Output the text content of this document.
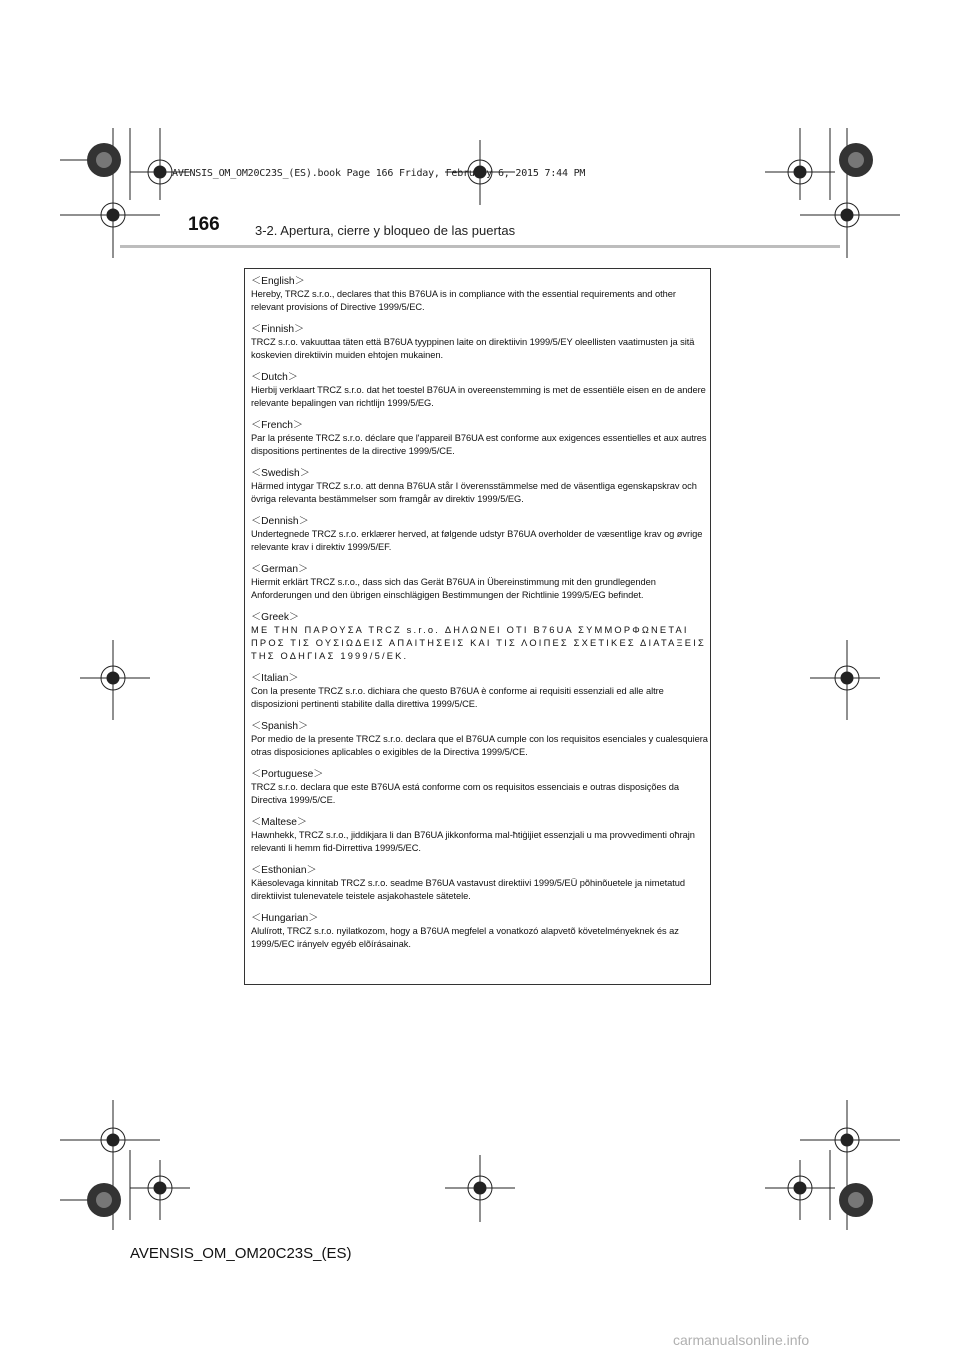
AVENSIS_OM_OM20C23S_(ES).book Page 166 Friday, February 6, 2015 7:44 PM
166	3-2. Apertura, cierre y bloqueo de las puertas
＜English＞
Hereby, TRCZ s.r.o., declares that this B76UA is in compliance with the essential requirements and other relevant provisions of Directive 1999/5/EC.
＜Finnish＞
TRCZ s.r.o. vakuuttaa täten että B76UA tyyppinen laite on direktiivin 1999/5/EY oleellisten vaatimusten ja sitä koskevien direktiivin muiden ehtojen mukainen.
＜Dutch＞
Hierbij verklaart TRCZ s.r.o. dat het toestel B76UA in overeenstemming is met de essentiële eisen en de andere relevante bepalingen van richtlijn 1999/5/EG.
＜French＞
Par la présente TRCZ s.r.o. déclare que l'appareil B76UA est conforme aux exigences essentielles et aux autres dispositions pertinentes de la directive 1999/5/CE.
＜Swedish＞
Härmed intygar TRCZ s.r.o. att denna B76UA står I överensstämmelse med de väsentliga egenskapskrav och övriga relevanta bestämmelser som framgår av direktiv 1999/5/EG.
＜Dennish＞
Undertegnede TRCZ s.r.o. erklærer herved, at følgende udstyr B76UA overholder de væsentlige krav og øvrige relevante krav i direktiv 1999/5/EF.
＜German＞
Hiermit erklärt TRCZ s.r.o., dass sich das Gerät B76UA in Übereinstimmung mit den grundlegenden Anforderungen und den übrigen einschlägigen Bestimmungen der Richtlinie 1999/5/EG befindet.
＜Greek＞
ΜΕ ΤΗΝ ΠΑΡΟΥΣΑ TRCZ s.r.o. ΔΗΛΩΝΕΙ ΟΤΙ B76UA ΣΥΜΜΟΡΦΩΝΕΤΑΙ ΠΡΟΣ ΤΙΣ ΟΥΣΙΩΔΕΙΣ ΑΠΑΙΤΗΣΕΙΣ ΚΑΙ ΤΙΣ ΛΟΙΠΕΣ ΣΧΕΤΙΚΕΣ ΔΙΑΤΑΞΕΙΣ ΤΗΣ ΟΔΗΓΙΑΣ 1999/5/EK.
＜Italian＞
Con la presente TRCZ s.r.o. dichiara che questo B76UA è conforme ai requisiti essenziali ed alle altre disposizioni pertinenti stabilite dalla direttiva 1999/5/CE.
＜Spanish＞
Por medio de la presente TRCZ s.r.o. declara que el B76UA cumple con los requisitos esenciales y cualesquiera otras disposiciones aplicables o exigibles de la Directiva 1999/5/CE.
＜Portuguese＞
TRCZ s.r.o. declara que este B76UA está conforme com os requisitos essenciais e outras disposições da Directiva 1999/5/CE.
＜Maltese＞
Hawnhekk, TRCZ s.r.o., jiddikjara li dan B76UA jikkonforma mal-ħtiġijiet essenzjali u ma provvedimenti oħrajn relevanti li hemm fid-Dirrettiva 1999/5/EC.
＜Esthonian＞
Käesolevaga kinnitab TRCZ s.r.o. seadme B76UA vastavust direktiivi 1999/5/EÜ põhinõuetele ja nimetatud direktiivist tulenevatele teistele asjakohastele sätetele.
＜Hungarian＞
Alulírott, TRCZ s.r.o. nyilatkozom, hogy a B76UA megfelel a vonatkozó alapvetõ követelményeknek és az 1999/5/EC irányelv egyéb elõírásainak.
AVENSIS_OM_OM20C23S_(ES)
carmanualsonline.info
